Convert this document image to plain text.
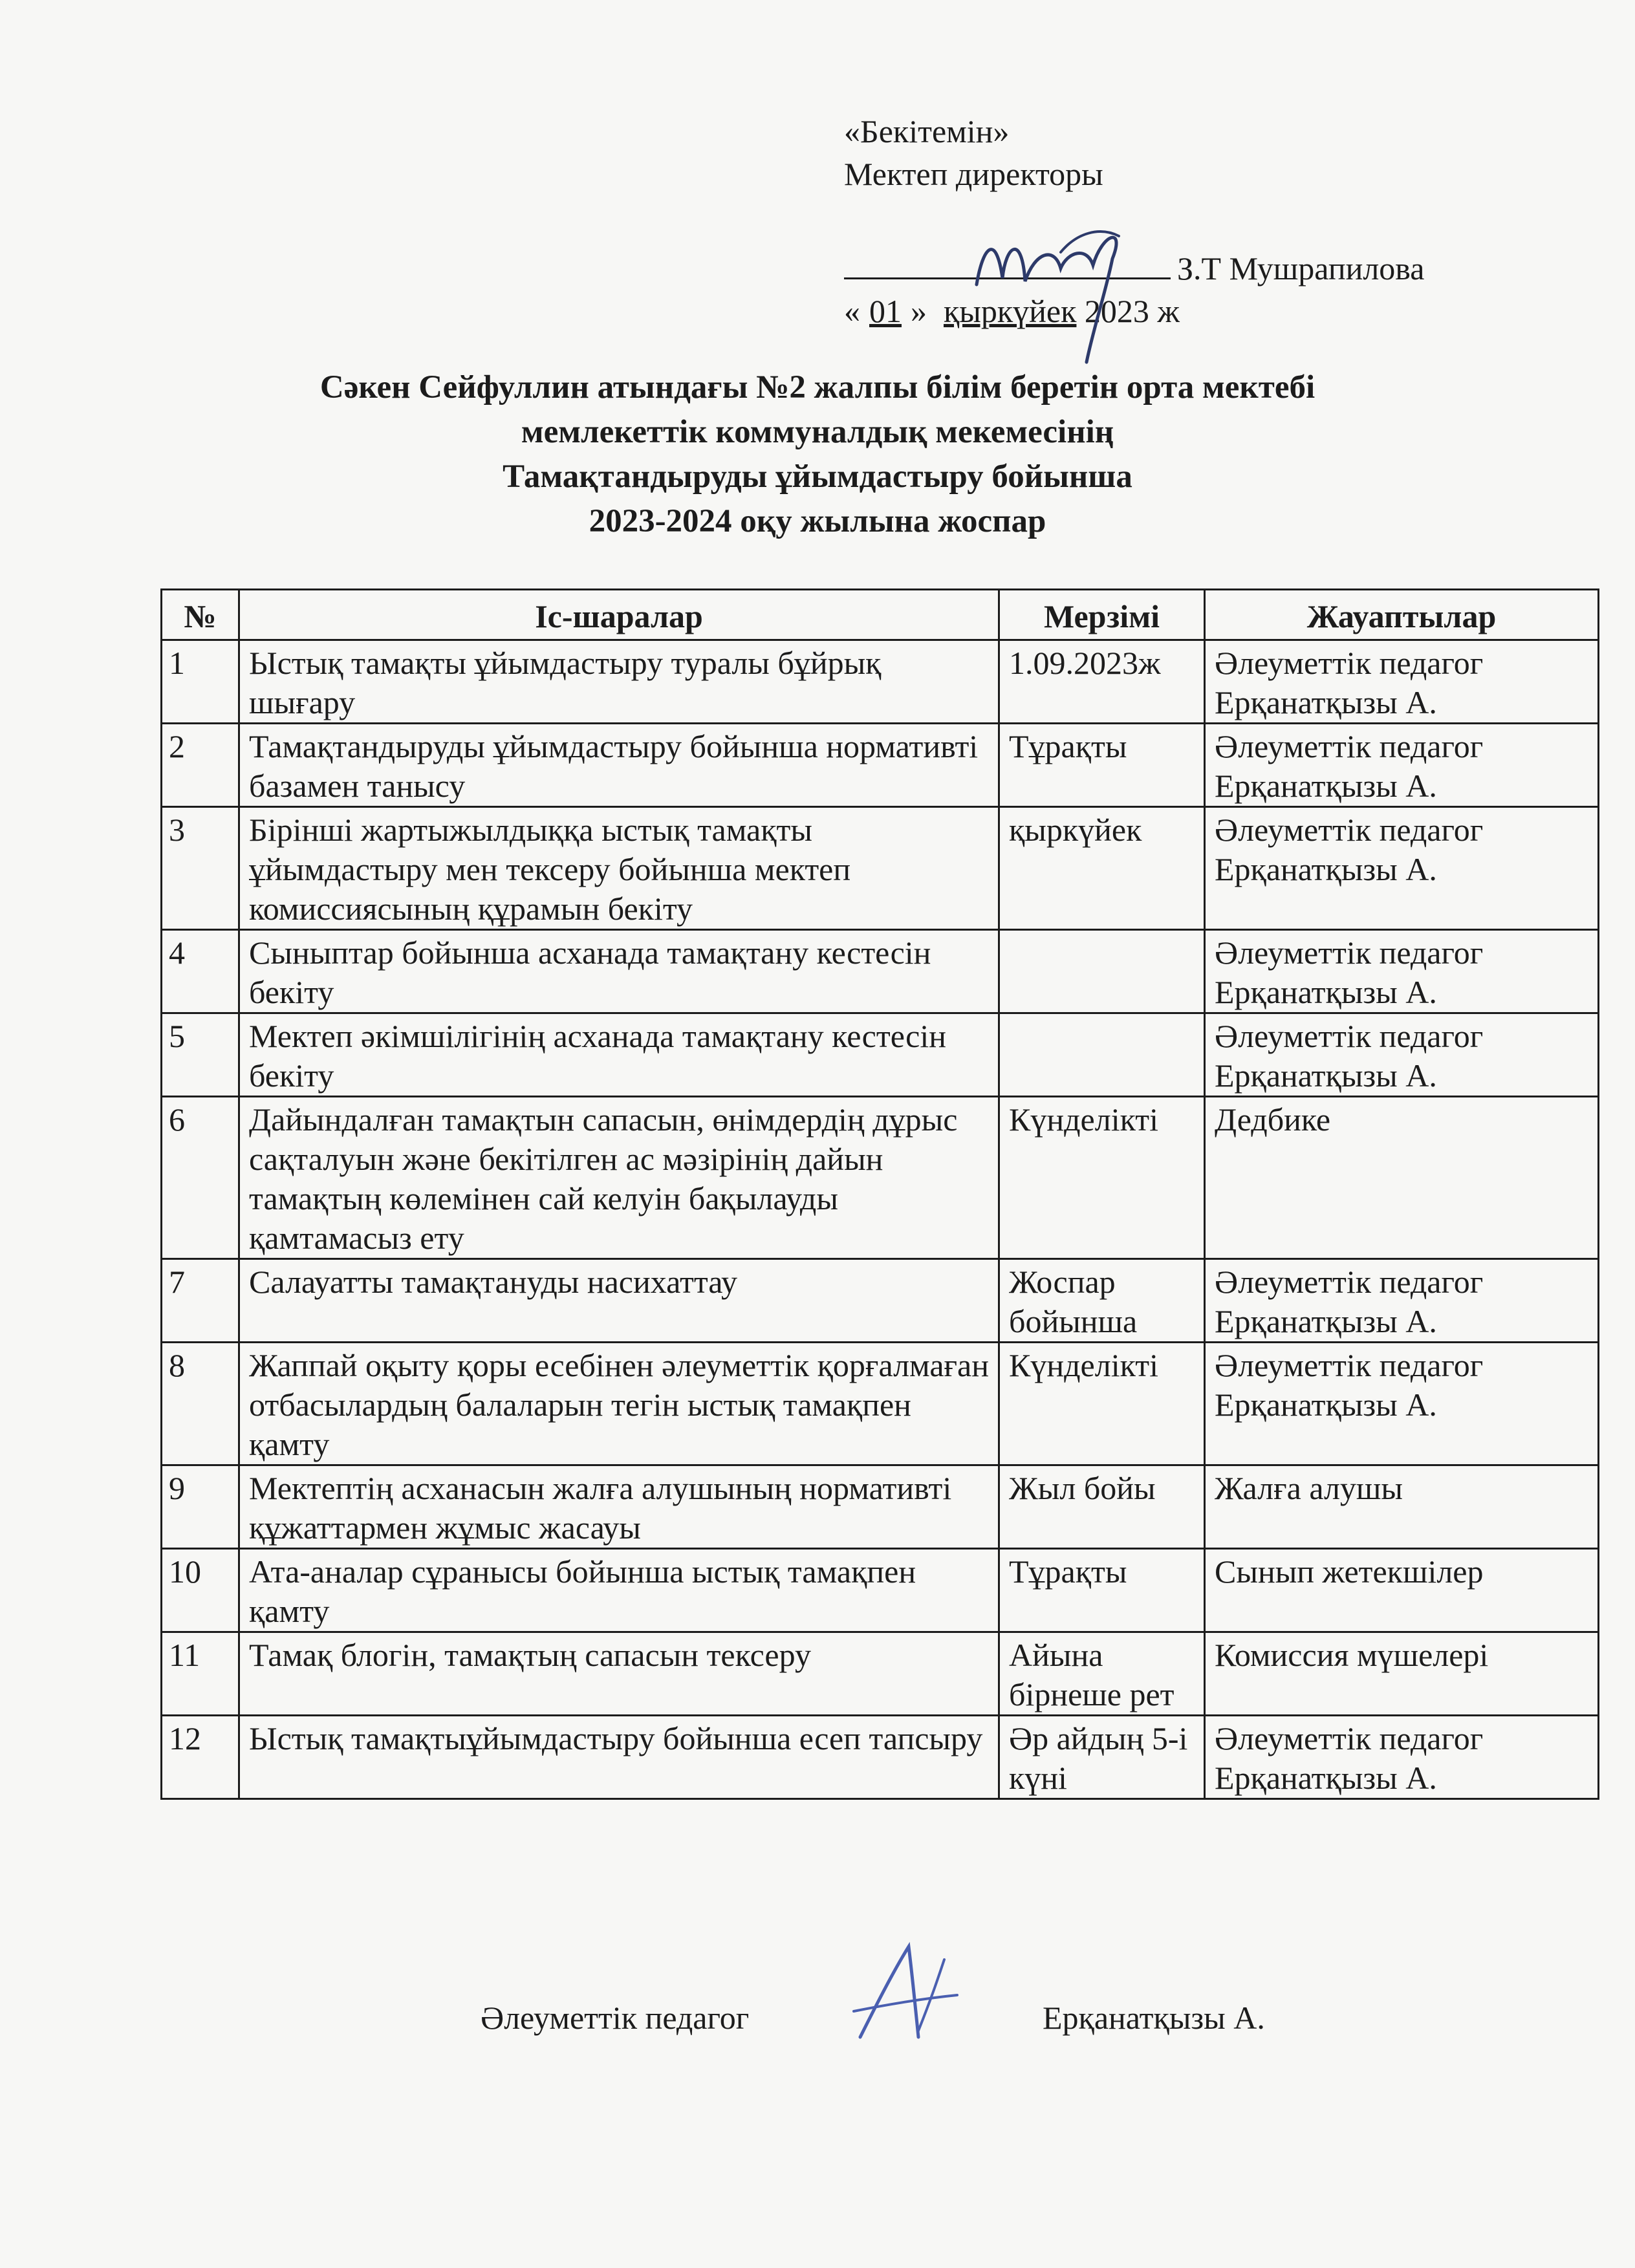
«Бекітемін»
Мектеп директоры
З.Т Мушрапилова
« 01 » қыркүйек 2023 ж
Сәкен Сейфуллин атындағы №2 жалпы білім беретін орта мектебі
мемлекеттік коммуналдық мекемесінің
Тамақтандыруды ұйымдастыру бойынша
2023-2024 оқу жылына жоспар
№	Іс-шаралар	Мерзімі	Жауаптылар
1	Ыстық тамақты ұйымдастыру туралы бұйрық шығару	1.09.2023ж	Әлеуметтік педагог Ерқанатқызы А.
2	Тамақтандыруды ұйымдастыру бойынша нормативті базамен танысу	Тұрақты	Әлеуметтік педагог Ерқанатқызы А.
3	Бірінші жартыжылдыққа ыстық тамақты ұйымдастыру мен тексеру бойынша мектеп комиссиясының құрамын бекіту	қыркүйек	Әлеуметтік педагог Ерқанатқызы А.
4	Сыныптар бойынша асханада тамақтану кестесін бекіту		Әлеуметтік педагог Ерқанатқызы А.
5	Мектеп әкімшілігінің асханада тамақтану кестесін бекіту		Әлеуметтік педагог Ерқанатқызы А.
6	Дайындалған тамақтын сапасын, өнімдердің дұрыс сақталуын және бекітілген ас мәзірінің дайын тамақтың көлемінен сай келуін бақылауды қамтамасыз ету	Күнделікті	Дедбике
7	Салауатты тамақтануды насихаттау	Жоспар бойынша	Әлеуметтік педагог Ерқанатқызы А.
8	Жаппай оқыту қоры есебінен әлеуметтік қорғалмаған отбасылардың балаларын тегін ыстық тамақпен қамту	Күнделікті	Әлеуметтік педагог Ерқанатқызы А.
9	Мектептің асханасын жалға алушының нормативті құжаттармен жұмыс жасауы	Жыл бойы	Жалға алушы
10	Ата-аналар сұранысы бойынша ыстық тамақпен қамту	Тұрақты	Сынып жетекшілер
11	Тамақ блогін, тамақтың сапасын тексеру	Айына бірнеше рет	Комиссия мүшелері
12	Ыстық тамақтыұйымдастыру бойынша есеп тапсыру	Әр айдың 5-і күні	Әлеуметтік педагог Ерқанатқызы А.
Әлеуметтік педагог	Ерқанатқызы А.
